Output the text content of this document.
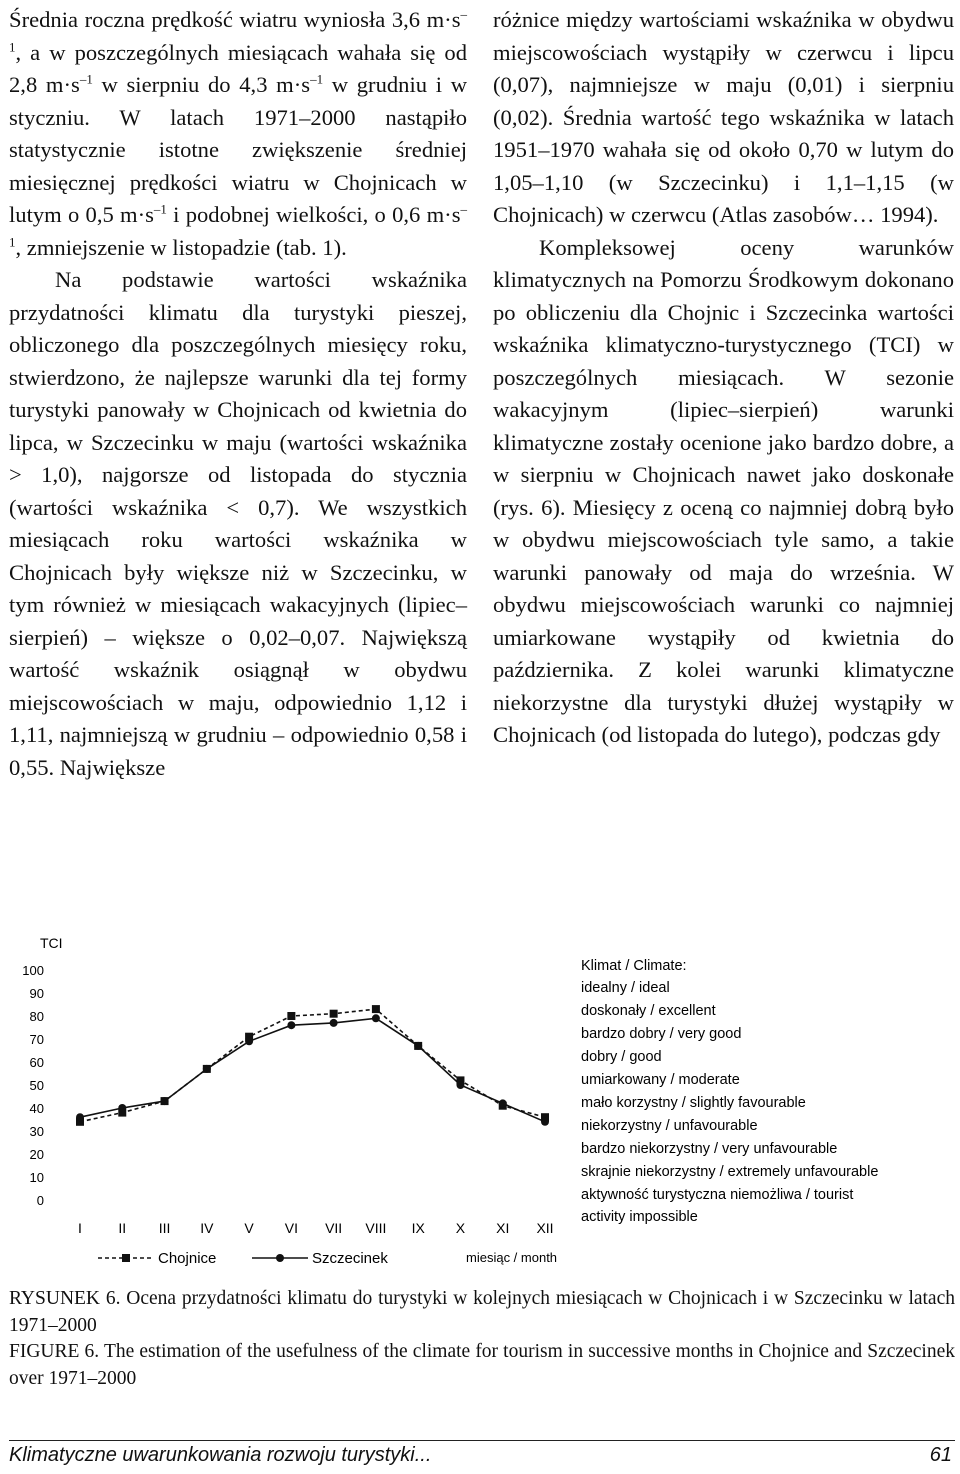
Średnia roczna prędkość wiatru wyniosła 3,6 $m\cdot s^{-1}$, a w poszczególnych miesiącach wahała się od 2,8 $m\cdot s^{-1}$ w sierpniu do 4,3 $m\cdot s^{-1}$ w grudniu i w styczniu. W latach 1971–2000 nastąpiło statystycznie istotne zwiększenie średniej miesięcznej prędkości wiatru w Chojnicach w lutym o 0,5 $m\cdot s^{-1}$ i podobnej wielkości, o 0,6 $m\cdot s^{-1}$, zmniejszenie w listopadzie (tab. 1).

Na podstawie wartości wskaźnika przydatności klimatu dla turystyki pieszej, obliczonego dla poszczególnych miesięcy roku, stwierdzono, że najlepsze warunki dla tej formy turystyki panowały w Chojnicach od kwietnia do lipca, w Szczecinku w maju (wartości wskaźnika > 1,0), najgorsze od listopada do stycznia (wartości wskaźnika < 0,7). We wszystkich miesiącach roku wartości wskaźnika w Chojnicach były większe niż w Szczecinku, w tym również w miesiącach wakacyjnych (lipiec–sierpień) – większe o 0,02–0,07. Największą wartość wskaźnik osiągnął w obydwu miejscowościach w maju, odpowiednio 1,12 i 1,11, najmniejszą w grudniu – odpowiednio 0,58 i 0,55. Największe

różnice między wartościami wskaźnika w obydwu miejscowościach wystąpiły w czerwcu i lipcu (0,07), najmniejsze w maju (0,01) i sierpniu (0,02). Średnia wartość tego wskaźnika w latach 1951–1970 wahała się od około 0,70 w lutym do 1,05–1,10 (w Szczecinku) i 1,1–1,15 (w Chojnicach) w czerwcu (Atlas zasobów… 1994).

Kompleksowej oceny warunków klimatycznych na Pomorzu Środkowym dokonano po obliczeniu dla Chojnic i Szczecinka wartości wskaźnika klimatyczno-turystycznego (TCI) w poszczególnych miesiącach. W sezonie wakacyjnym (lipiec–sierpień) warunki klimatyczne zostały ocenione jako bardzo dobre, a w sierpniu w Chojnicach nawet jako doskonałe (rys. 6). Miesięcy z oceną co najmniej dobrą było w obydwu miejscowościach tyle samo, a takie warunki panowały od maja do września. W obydwu miejscowościach warunki co najmniej umiarkowane wystąpiły od kwietnia do października. Z kolei warunki klimatyczne niekorzystne dla turystyki dłużej wystąpiły w Chojnicach (od listopada do lutego), podczas gdy

TCI
0
10
20
30
40
50
60
70
80
90
100
I	II III IV V VI VII VIII IX X XI XII
miesiąc / month
Chojnice	Szczecinek
Klimat / Climate:
idealny / ideal
doskonały / excellent
bardzo dobry / very good
dobry / good
umiarkowany / moderate
mało korzystny / slightly favourable
niekorzystny / unfavourable
bardzo niekorzystny / very unfavourable
skrajnie niekorzystny / extremely unfavourable
aktywność turystyczna niemożliwa / tourist activity impossible

RYSUNEK 6. Ocena przydatności klimatu do turystyki w kolejnych miesiącach w Chojnicach i w Szczecinku w latach 1971–2000

FIGURE 6. The estimation of the usefulness of the climate for tourism in successive months in Chojnice and Szczecinek over 1971–2000

Klimatyczne uwarunkowania rozwoju turystyki...	61
